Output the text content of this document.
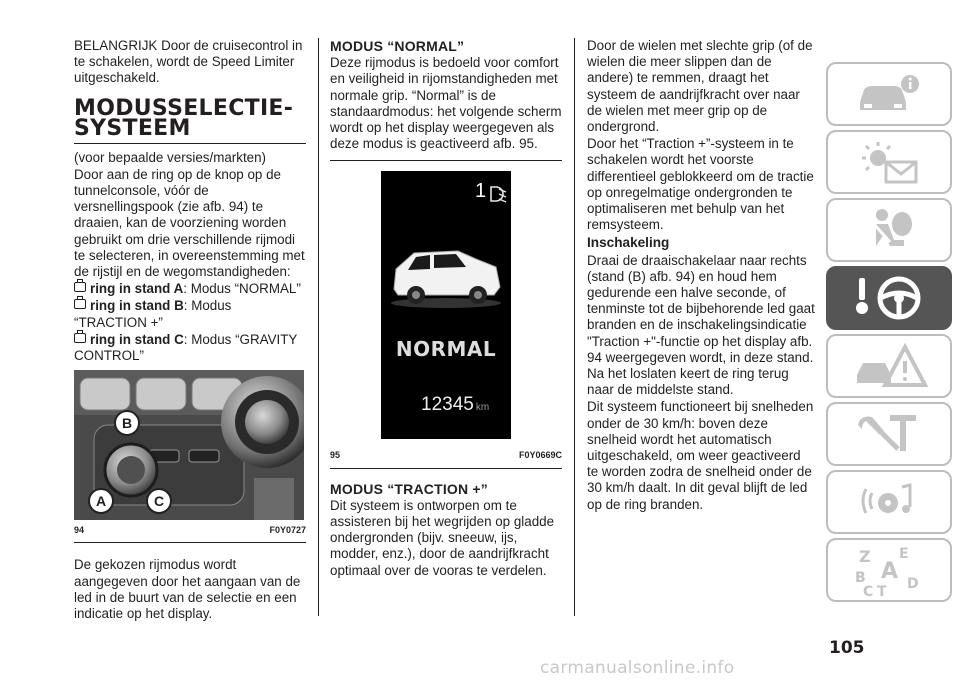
BELANGRIJK Door de cruisecontrol in te schakelen, wordt de Speed Limiter uitgeschakeld.

MODUSSELECTIE-
SYSTEEM

(voor bepaalde versies/markten)

Door aan de ring op de knop op de tunnelconsole, vóór de versnellingspook (zie afb. 94) te draaien, kan de voorziening worden gebruikt om drie verschillende rijmodi te selecteren, in overeenstemming met de rijstijl en de wegomstandigheden:

ring in stand A: Modus “NORMAL”

ring in stand B: Modus “TRACTION +”

ring in stand C: Modus “GRAVITY CONTROL”

B
A	C
94	F0Y0727

De gekozen rijmodus wordt aangegeven door het aangaan van de led in de buurt van de selectie en een indicatie op het display.

MODUS “NORMAL”

Deze rijmodus is bedoeld voor comfort en veiligheid in rijomstandigheden met normale grip. “Normal” is de standaardmodus: het volgende scherm wordt op het display weergegeven als deze modus is geactiveerd afb. 95.

1
NORMAL
12345 km
95	F0Y0669C
MODUS “TRACTION +”

Dit systeem is ontworpen om te assisteren bij het wegrijden op gladde ondergronden (bijv. sneeuw, ijs, modder, enz.), door de aandrijfkracht optimaal over de vooras te verdelen.

Door de wielen met slechte grip (of de wielen die meer slippen dan de andere) te remmen, draagt het systeem de aandrijfkracht over naar de wielen met meer grip op de ondergrond.

Door het “Traction +”-systeem in te schakelen wordt het voorste differentieel geblokkeerd om de tractie op onregelmatige ondergronden te optimaliseren met behulp van het remsysteem.

Inschakeling

Draai de draaischakelaar naar rechts (stand (B) afb. 94) en houd hem gedurende een halve seconde, of tenminste tot de bijbehorende led gaat branden en de inschakelingsindicatie "Traction +"-functie op het display afb. 94 weergegeven wordt, in deze stand. Na het loslaten keert de ring terug naar de middelste stand.

Dit systeem functioneert bij snelheden onder de 30 km/h: boven deze snelheid wordt het automatisch uitgeschakeld, om weer geactiveerd te worden zodra de snelheid onder de 30 km/h daalt. In dit geval blijft de led op de ring branden.

Z E
A
B
C T D
105
carmanualsonline.info
